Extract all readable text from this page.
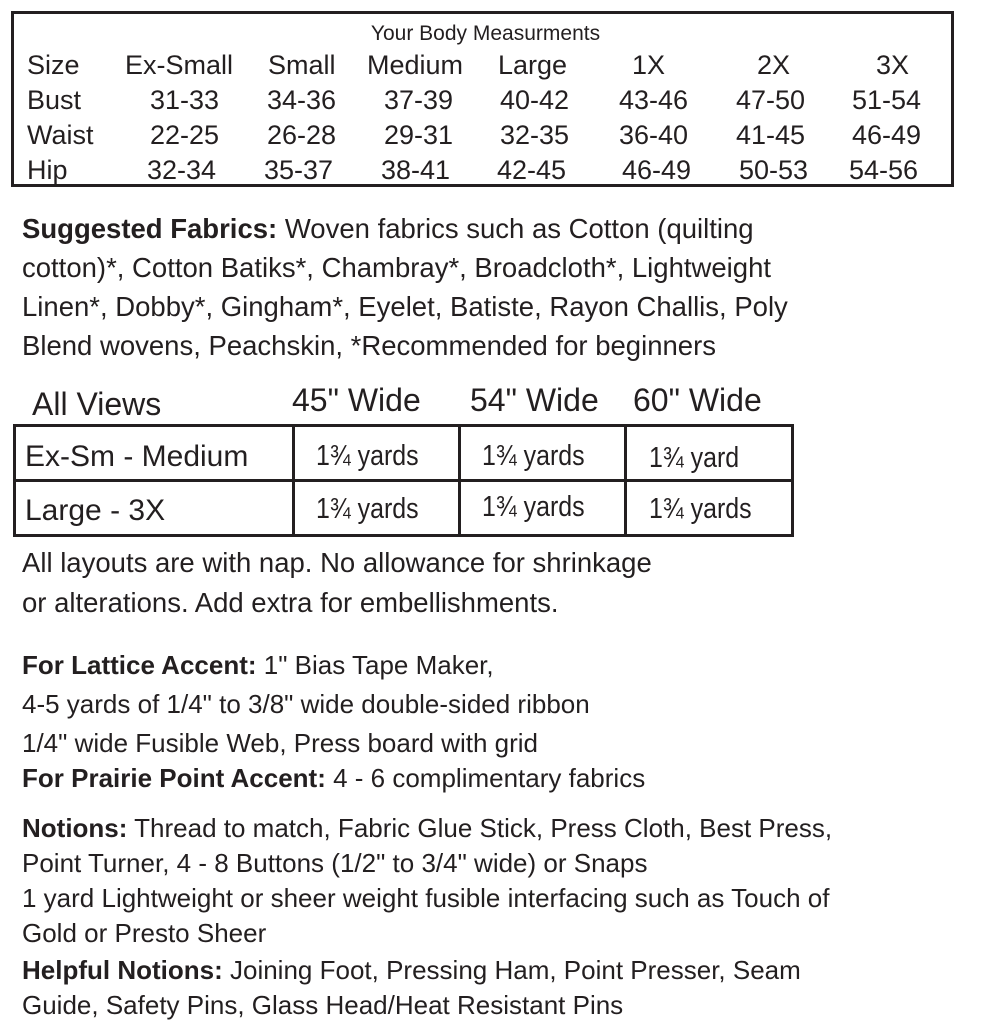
Your Body Measurments
Size Ex-Small Small Medium Large 1X	2X	3X
Bust	31-33 34-36 37-39 40-42 43-46 47-50 51-54
Waist 22-25 26-28 29-31 32-35 36-40 41-45 46-49
Hip	32-34 35-37 38-41 42-45 46-49 50-53 54-56
Suggested Fabrics: Woven fabrics such as Cotton (quilting
cotton)*, Cotton Batiks*, Chambray*, Broadcloth*, Lightweight
Linen*, Dobby*, Gingham*, Eyelet, Batiste, Rayon Challis, Poly
Blend wovens, Peachskin, *Recommended for beginners
All Views	45" Wide 54" Wide 60" Wide
Ex-Sm - Medium 1¾ yards 1¾ yards 1¾ yard
Large - 3X	1¾ yards 1¾ yards 1¾ yards
All layouts are with nap. No allowance for shrinkage
or alterations. Add extra for embellishments.
For Lattice Accent: 1" Bias Tape Maker,
4-5 yards of 1/4" to 3/8" wide double-sided ribbon
1/4" wide Fusible Web, Press board with grid
For Prairie Point Accent: 4 - 6 complimentary fabrics
Notions: Thread to match, Fabric Glue Stick, Press Cloth, Best Press,
Point Turner, 4 - 8 Buttons (1/2" to 3/4" wide) or Snaps
1 yard Lightweight or sheer weight fusible interfacing such as Touch of
Gold or Presto Sheer
Helpful Notions: Joining Foot, Pressing Ham, Point Presser, Seam
Guide, Safety Pins, Glass Head/Heat Resistant Pins
